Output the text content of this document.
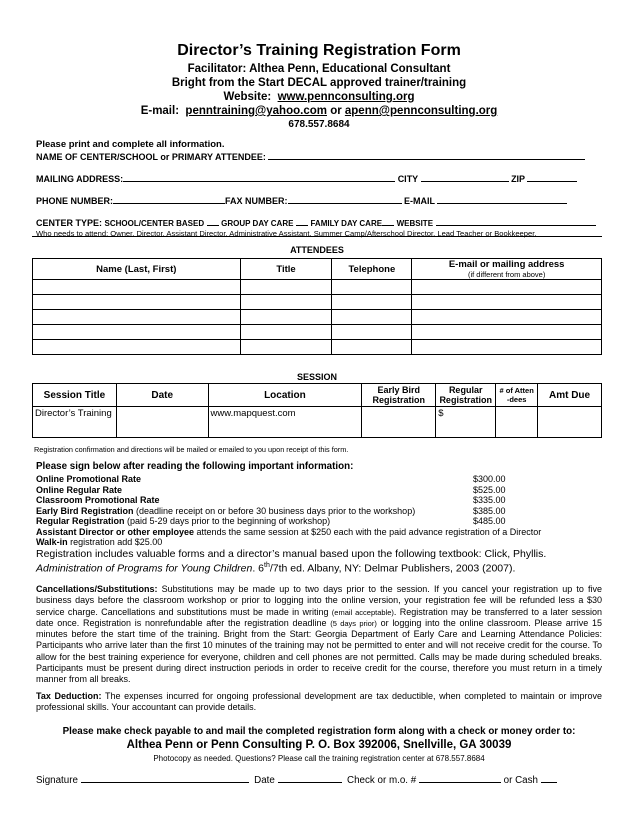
Director’s Training Registration Form
Facilitator: Althea Penn, Educational Consultant
Bright from the Start DECAL approved trainer/training
Website: www.pennconsulting.org
E-mail: penntraining@yahoo.com or apenn@pennconsulting.org
678.557.8684
Please print and complete all information.
NAME OF CENTER/SCHOOL or PRIMARY ATTENDEE:
MAILING ADDRESS:	CITY	ZIP
PHONE NUMBER:	FAX NUMBER:	E-MAIL
CENTER TYPE: SCHOOL/CENTER BASED GROUP DAY CARE FAMILY DAY CARE WEBSITE
Who needs to attend: Owner, Director, Assistant Director, Administrative Assistant, Summer Camp/Afterschool Director, Lead Teacher or Bookkeeper.
ATTENDEES
Name (Last, First)	Title	Telephone	E-mail or mailing address
(if different from above)

SESSION
Session Title	Date	Location	Early Bird Registration	Regular Registration	# of Atten -dees	Amt Due
Director’s Training		www.mapquest.com		$		
Registration confirmation and directions will be mailed or emailed to you upon receipt of this form.
Please sign below after reading the following important information:
Online Promotional Rate	$300.00
Online Regular Rate	$525.00
Classroom Promotional Rate	$335.00
Early Bird Registration (deadline receipt on or before 30 business days prior to the workshop)	$385.00
Regular Registration (paid 5-29 days prior to the beginning of workshop)	$485.00
Assistant Director or other employee attends the same session at $250 each with the paid advance registration of a Director
Walk-in registration add $25.00
Registration includes valuable forms and a director’s manual based upon the following textbook: Click, Phyllis.
Administration of Programs for Young Children. 6th/7th ed. Albany, NY: Delmar Publishers, 2003 (2007).
Cancellations/Substitutions: Substitutions may be made up to two days prior to the session. If you cancel your registration up to five business days before the classroom workshop or prior to logging into the online version, your registration fee will be refunded less a $30 service charge. Cancellations and substitutions must be made in writing (email acceptable). Registration may be transferred to a later session date once. Registration is nonrefundable after the registration deadline (5 days prior) or logging into the online classroom. Please arrive 15 minutes before the start time of the training. Bright from the Start: Georgia Department of Early Care and Learning Attendance Policies: Participants who arrive later than the first 10 minutes of the training may not be permitted to enter and will not receive credit for the course. To allow for the best training experience for everyone, children and cell phones are not permitted. Calls may be made during scheduled breaks. Participants must be present during direct instruction periods in order to receive credit for the course, therefore you must return in a timely manner from all breaks.
Tax Deduction: The expenses incurred for ongoing professional development are tax deductible, when completed to maintain or improve professional skills. Your accountant can provide details.
Please make check payable to and mail the completed registration form along with a check or money order to:
Althea Penn or Penn Consulting P. O. Box 392006, Snellville, GA 30039
Photocopy as needed. Questions? Please call the training registration center at 678.557.8684
Signature	Date	Check or m.o. #	or Cash
